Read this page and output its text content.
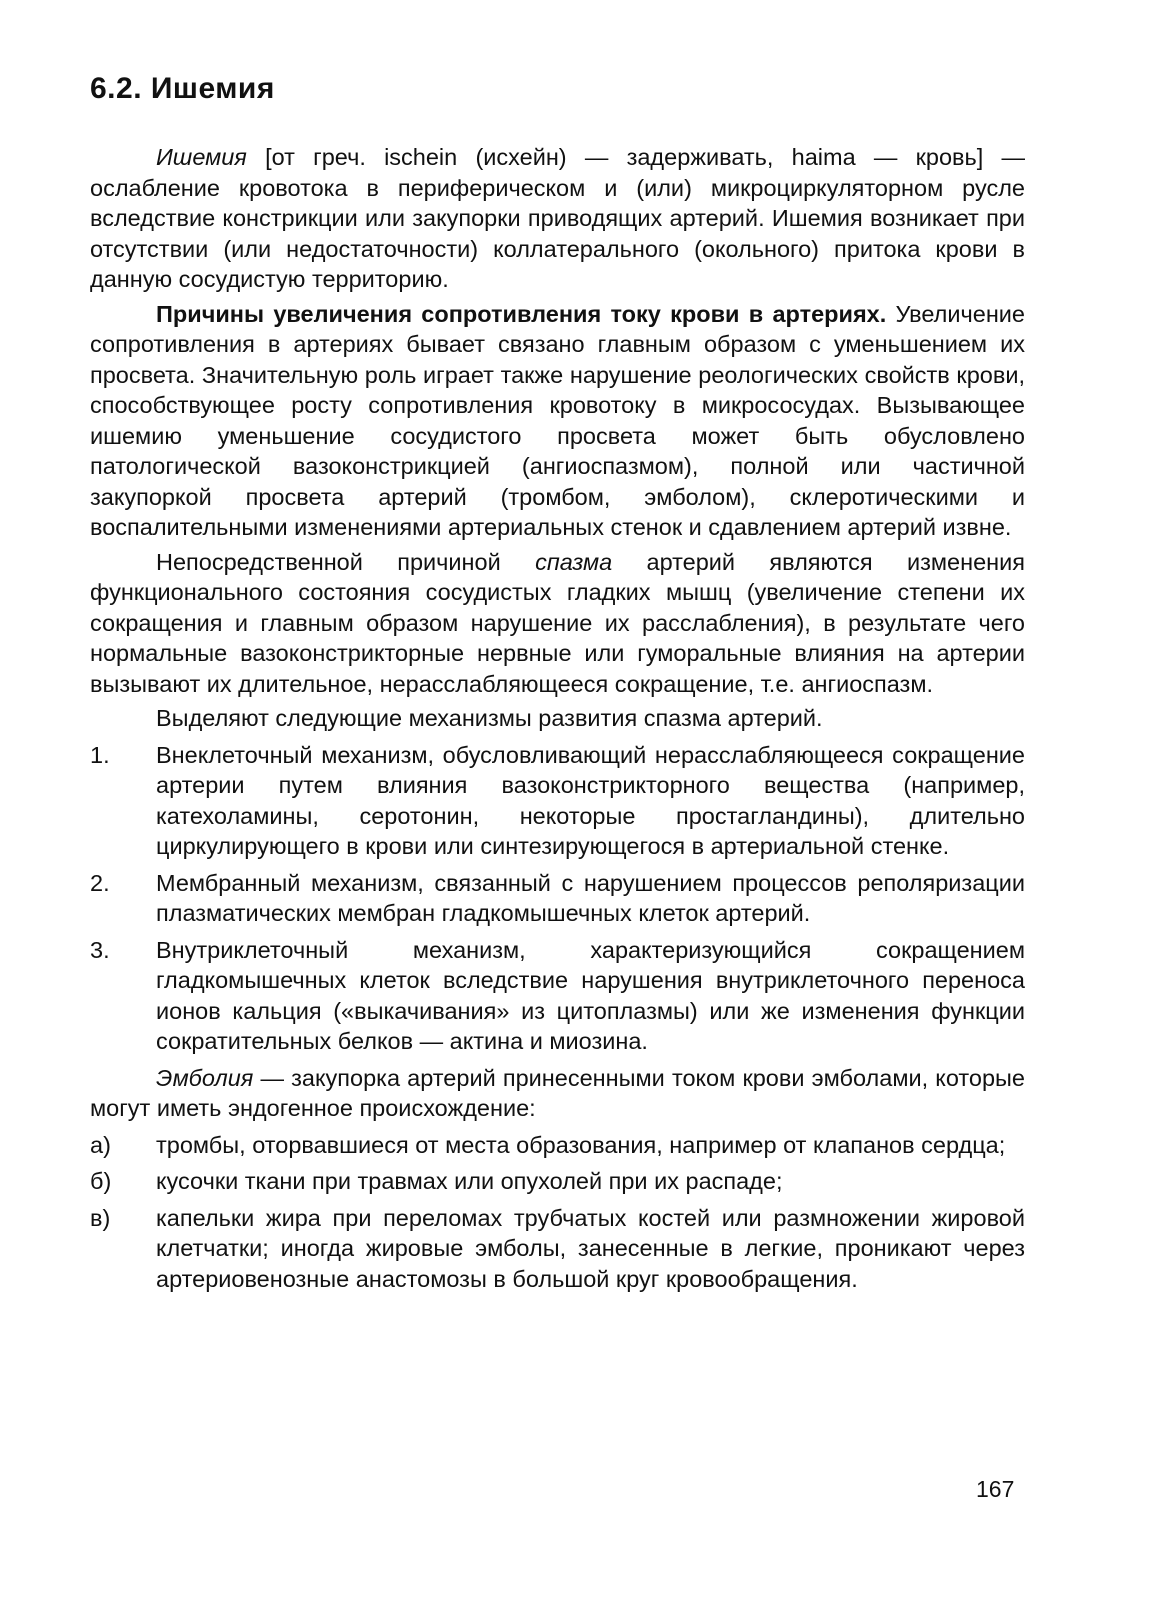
6.2. Ишемия

Ишемия [от греч. ischein (исхейн) — задерживать, haima — кровь] — ослабление кровотока в периферическом и (или) микроциркуляторном русле вследствие констрикции или закупорки приводящих артерий. Ишемия возникает при отсутствии (или недостаточности) коллатерального (окольного) притока крови в данную сосудистую территорию.

Причины увеличения сопротивления току крови в артериях. Увеличение сопротивления в артериях бывает связано главным образом с уменьшением их просвета. Значительную роль играет также нарушение реологических свойств крови, способствующее росту сопротивления кровотоку в микрососудах. Вызывающее ишемию уменьшение сосудистого просвета может быть обусловлено патологической вазоконстрикцией (ангиоспазмом), полной или частичной закупоркой просвета артерий (тромбом, эмболом), склеротическими и воспалительными изменениями артериальных стенок и сдавлением артерий извне.

Непосредственной причиной спазма артерий являются изменения функционального состояния сосудистых гладких мышц (увеличение степени их сокращения и главным образом нарушение их расслабления), в результате чего нормальные вазоконстрикторные нервные или гуморальные влияния на артерии вызывают их длительное, нерасслабляющееся сокращение, т.е. ангиоспазм.

Выделяют следующие механизмы развития спазма артерий.

1.	Внеклеточный механизм, обусловливающий нерасслабляющееся сокращение артерии путем влияния вазоконстрикторного вещества (например, катехоламины, серотонин, некоторые простагландины), длительно циркулирующего в крови или синтезирующегося в артериальной стенке.
2.	Мембранный механизм, связанный с нарушением процессов реполяризации плазматических мембран гладкомышечных клеток артерий.
3.	Внутриклеточный механизм, характеризующийся сокращением гладкомышечных клеток вследствие нарушения внутриклеточного переноса ионов кальция («выкачивания» из цитоплазмы) или же изменения функции сократительных белков — актина и миозина.

Эмболия — закупорка артерий принесенными током крови эмболами, которые могут иметь эндогенное происхождение:

а)	тромбы, оторвавшиеся от места образования, например от клапанов сердца;
б)	кусочки ткани при травмах или опухолей при их распаде;
в)	капельки жира при переломах трубчатых костей или размножении жировой клетчатки; иногда жировые эмболы, занесенные в легкие, проникают через артериовенозные анастомозы в большой круг кровообращения.
167
